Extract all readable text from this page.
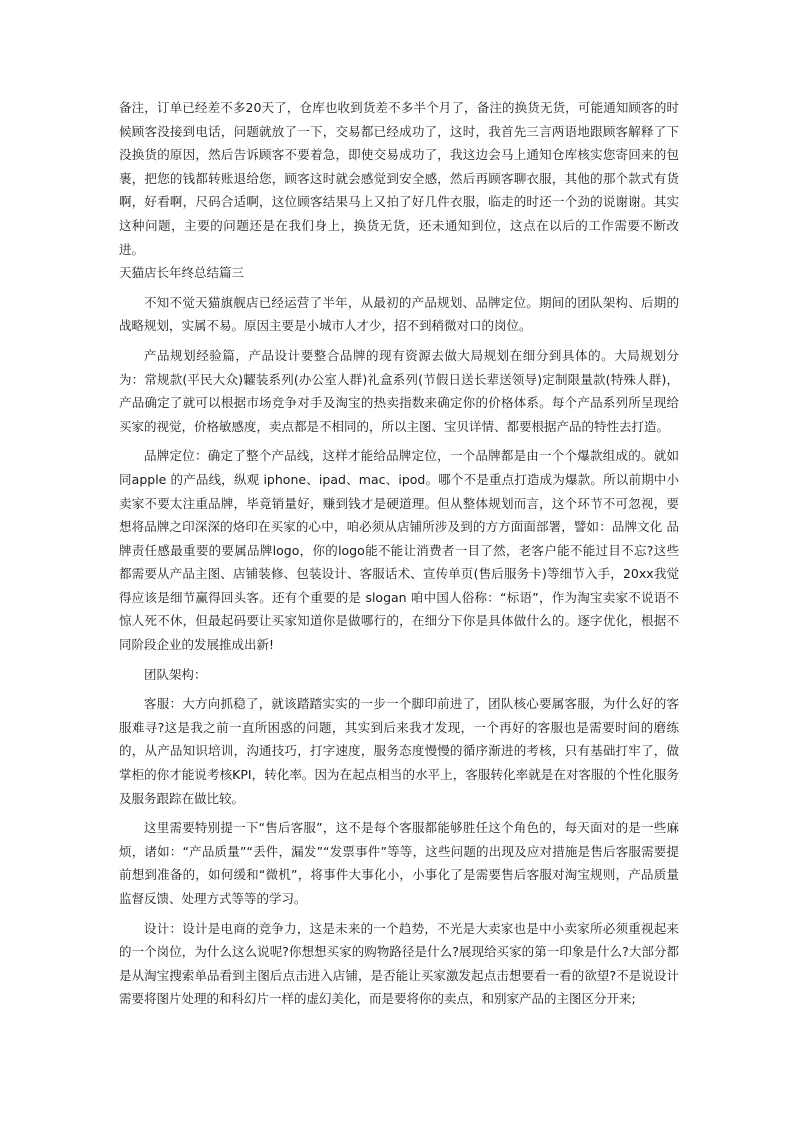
备注，订单已经差不多20天了，仓库也收到货差不多半个月了，备注的换货无货，可能通知顾客的时候顾客没接到电话，问题就放了一下，交易都已经成功了，这时，我首先三言两语地跟顾客解释了下没换货的原因，然后告诉顾客不要着急，即使交易成功了，我这边会马上通知仓库核实您寄回来的包裹，把您的钱都转账退给您，顾客这时就会感觉到安全感，然后再顾客聊衣服，其他的那个款式有货啊，好看啊，尺码合适啊，这位顾客结果马上又拍了好几件衣服，临走的时还一个劲的说谢谢。其实这种问题，主要的问题还是在我们身上，换货无货，还未通知到位，这点在以后的工作需要不断改进。

天猫店长年终总结篇三

不知不觉天猫旗舰店已经运营了半年，从最初的产品规划、品牌定位。期间的团队架构、后期的战略规划，实属不易。原因主要是小城市人才少，招不到稍微对口的岗位。

产品规划经验篇，产品设计要整合品牌的现有资源去做大局规划在细分到具体的。大局规划分为：常规款(平民大众)糶装系列(办公室人群)礼盒系列(节假日送长辈送领导)定制限量款(特殊人群)，产品确定了就可以根据市场竞争对手及淘宝的热卖指数来确定你的价格体系。每个产品系列所呈现给买家的视觉，价格敏感度，卖点都是不相同的，所以主图、宝贝详情、都要根据产品的特性去打造。

品牌定位：确定了整个产品线，这样才能给品牌定位，一个品牌都是由一个个爆款组成的。就如同apple 的产品线，纵观 iphone、ipad、mac、ipod。哪个不是重点打造成为爆款。所以前期中小卖家不要太注重品牌，毕竟销量好，赚到钱才是硬道理。但从整体规划而言，这个环节不可忽视，要想将品牌之印深深的烙印在买家的心中，咱必须从店铺所涉及到的方方面面部署，譬如：品牌文化 品牌责任感最重要的要属品牌logo，你的logo能不能让消费者一目了然，老客户能不能过目不忘?这些都需要从产品主图、店铺装修、包装设计、客服话术、宣传单页(售后服务卡)等细节入手，20xx我觉得应该是细节赢得回头客。还有个重要的是 slogan 咱中国人俗称：“标语”，作为淘宝卖家不说语不惊人死不休，但最起码要让买家知道你是做哪行的，在细分下你是具体做什么的。逐字优化，根据不同阶段企业的发展推成出新!

团队架构：

客服：大方向抓稳了，就该踏踏实实的一步一个脚印前进了，团队核心要属客服，为什么好的客服难寻?这是我之前一直所困惑的问题，其实到后来我才发现，一个再好的客服也是需要时间的磨练的，从产品知识培训，沟通技巧，打字速度，服务态度慢慢的循序渐进的考核，只有基础打牢了，做掌柜的你才能说考核KPI，转化率。因为在起点相当的水平上，客服转化率就是在对客服的个性化服务及服务跟踪在做比较。

这里需要特别提一下“售后客服”，这不是每个客服都能够胜任这个角色的，每天面对的是一些麻烦，诸如：“产品质量”“丢件，漏发”“发票事件”等等，这些问题的出现及应对措施是售后客服需要提前想到准备的，如何缓和“微机”，将事件大事化小，小事化了是需要售后客服对淘宝规则，产品质量监督反馈、处理方式等等的学习。

设计：设计是电商的竞争力，这是未来的一个趋势，不光是大卖家也是中小卖家所必须重视起来的一个岗位，为什么这么说呢?你想想买家的购物路径是什么?展现给买家的第一印象是什么?大部分都是从淘宝搜索单品看到主图后点击进入店铺，是否能让买家激发起点击想要看一看的欲望?不是说设计需要将图片处理的和科幻片一样的虚幻美化，而是要将你的卖点，和别家产品的主图区分开来;
